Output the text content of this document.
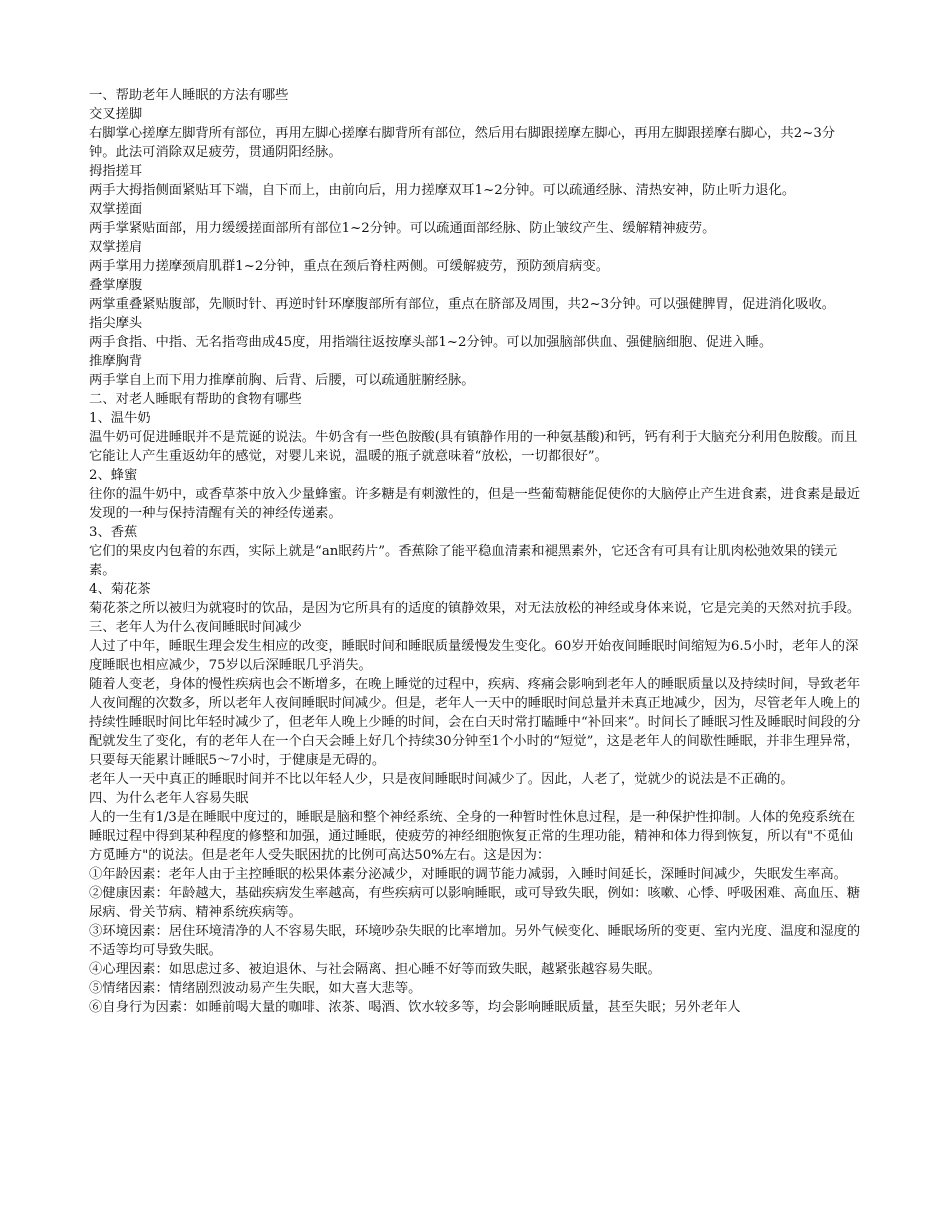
一、帮助老年人睡眠的方法有哪些

交叉搓脚

右脚掌心搓摩左脚背所有部位，再用左脚心搓摩右脚背所有部位，然后用右脚跟搓摩左脚心，再用左脚跟搓摩右脚心，共2~3分钟。此法可消除双足疲劳，贯通阴阳经脉。

拇指搓耳

两手大拇指侧面紧贴耳下端，自下而上，由前向后，用力搓摩双耳1~2分钟。可以疏通经脉、清热安神，防止听力退化。

双掌搓面

两手掌紧贴面部，用力缓缓搓面部所有部位1~2分钟。可以疏通面部经脉、防止皱纹产生、缓解精神疲劳。

双掌搓肩

两手掌用力搓摩颈肩肌群1~2分钟，重点在颈后脊柱两侧。可缓解疲劳，预防颈肩病变。

叠掌摩腹

两掌重叠紧贴腹部，先顺时针、再逆时针环摩腹部所有部位，重点在脐部及周围，共2~3分钟。可以强健脾胃，促进消化吸收。

指尖摩头

两手食指、中指、无名指弯曲成45度，用指端往返按摩头部1~2分钟。可以加强脑部供血、强健脑细胞、促进入睡。

推摩胸背

两手掌自上而下用力推摩前胸、后背、后腰，可以疏通脏腑经脉。

二、对老人睡眠有帮助的食物有哪些

1、温牛奶

温牛奶可促进睡眠并不是荒诞的说法。牛奶含有一些色胺酸(具有镇静作用的一种氨基酸)和钙，钙有利于大脑充分利用色胺酸。而且它能让人产生重返幼年的感觉，对婴儿来说，温暖的瓶子就意味着“放松，一切都很好”。

2、蜂蜜

往你的温牛奶中，或香草茶中放入少量蜂蜜。许多糖是有刺激性的，但是一些葡萄糖能促使你的大脑停止产生进食素，进食素是最近发现的一种与保持清醒有关的神经传递素。

3、香蕉

它们的果皮内包着的东西，实际上就是“an眠药片”。香蕉除了能平稳血清素和褪黑素外，它还含有可具有让肌肉松弛效果的镁元素。

4、菊花茶

菊花茶之所以被归为就寝时的饮品，是因为它所具有的适度的镇静效果，对无法放松的神经或身体来说，它是完美的天然对抗手段。

三、老年人为什么夜间睡眠时间减少

人过了中年，睡眠生理会发生相应的改变，睡眠时间和睡眠质量缓慢发生变化。60岁开始夜间睡眠时间缩短为6.5小时，老年人的深度睡眠也相应减少，75岁以后深睡眠几乎消失。

随着人变老，身体的慢性疾病也会不断增多，在晚上睡觉的过程中，疾病、疼痛会影响到老年人的睡眠质量以及持续时间，导致老年人夜间醒的次数多，所以老年人夜间睡眠时间减少。但是，老年人一天中的睡眠时间总量并未真正地减少，因为，尽管老年人晚上的持续性睡眠时间比年轻时减少了，但老年人晚上少睡的时间，会在白天时常打瞌睡中“补回来”。时间长了睡眠习性及睡眠时间段的分配就发生了变化，有的老年人在一个白天会睡上好几个持续30分钟至1个小时的“短觉”，这是老年人的间歇性睡眠，并非生理异常，只要每天能累计睡眠5～7小时，于健康是无碍的。

老年人一天中真正的睡眠时间并不比以年轻人少，只是夜间睡眠时间减少了。因此，人老了，觉就少的说法是不正确的。

四、为什么老年人容易失眠

人的一生有1/3是在睡眠中度过的，睡眠是脑和整个神经系统、全身的一种暂时性休息过程，是一种保护性抑制。人体的免疫系统在睡眠过程中得到某种程度的修整和加强，通过睡眠，使疲劳的神经细胞恢复正常的生理功能，精神和体力得到恢复，所以有"不觅仙方觅睡方"的说法。但是老年人受失眠困扰的比例可高达50%左右。这是因为：

①年龄因素：老年人由于主控睡眠的松果体素分泌减少，对睡眠的调节能力减弱，入睡时间延长，深睡时间减少，失眠发生率高。

②健康因素：年龄越大，基础疾病发生率越高，有些疾病可以影响睡眠，或可导致失眠，例如：咳嗽、心悸、呼吸困难、高血压、糖尿病、骨关节病、精神系统疾病等。

③环境因素：居住环境清净的人不容易失眠，环境吵杂失眠的比率增加。另外气候变化、睡眠场所的变更、室内光度、温度和湿度的不适等均可导致失眠。

④心理因素：如思虑过多、被迫退休、与社会隔离、担心睡不好等而致失眠，越紧张越容易失眠。

⑤情绪因素：情绪剧烈波动易产生失眠，如大喜大悲等。

⑥自身行为因素：如睡前喝大量的咖啡、浓茶、喝酒、饮水较多等，均会影响睡眠质量，甚至失眠；另外老年人
